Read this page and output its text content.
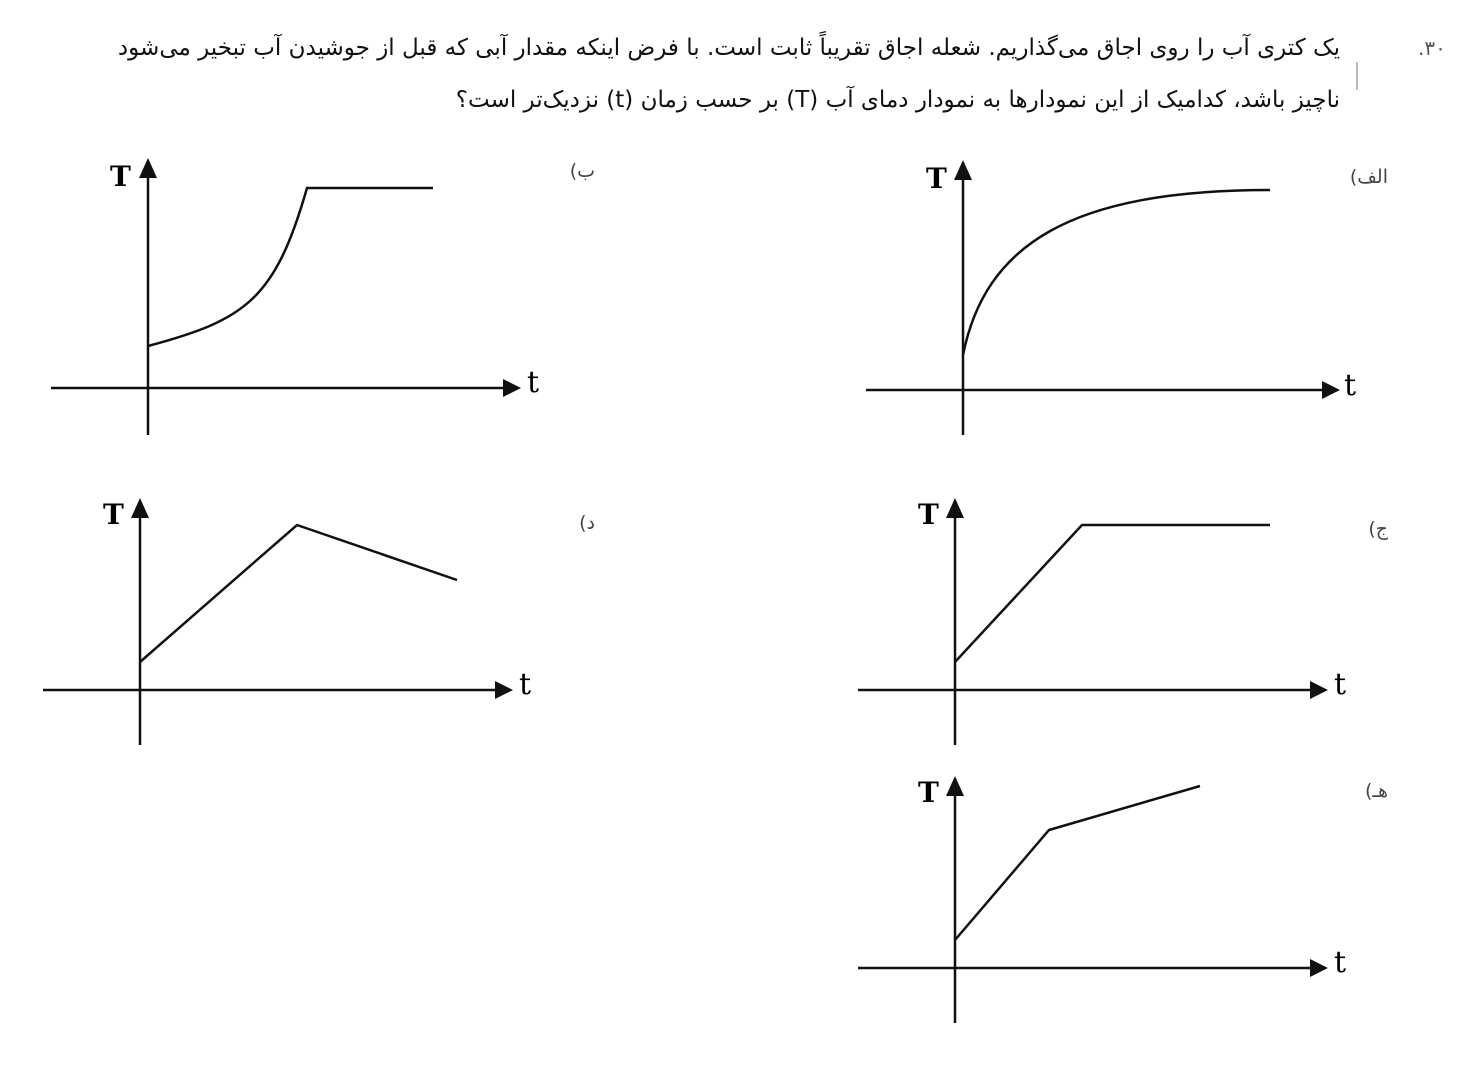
۳۰.
یک کتری آب را روی اجاق می‌گذاریم. شعله اجاق تقریباً ثابت است. با فرض اینکه مقدار آبی که قبل از جوشیدن آب تبخیر می‌شود
ناچیز باشد، کدامیک از این نمودارها به نمودار دمای آب (T) بر حسب زمان (t) نزدیک‌تر است؟
الف)
T
t
ب)
T
t
ج)
T
t
د)
T
t
هـ)
T
t
